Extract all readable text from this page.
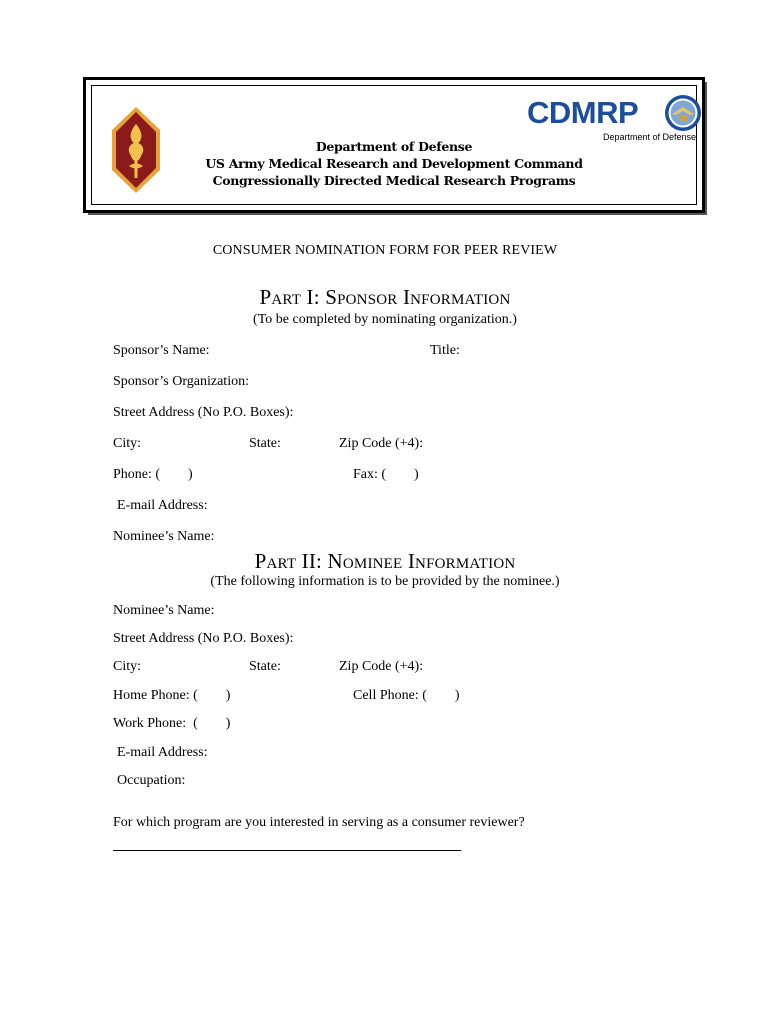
CDMRP
Department of Defense
Department of Defense
US Army Medical Research and Development Command
Congressionally Directed Medical Research Programs
CONSUMER NOMINATION FORM FOR PEER REVIEW
Part I: Sponsor Information
(To be completed by nominating organization.)
Sponsor’s Name:	Title:
Sponsor’s Organization:
Street Address (No P.O. Boxes):
City:	State:	Zip Code (+4):
Phone: (        )	Fax: (        )
E-mail Address:
Nominee’s Name:
Part II: Nominee Information
(The following information is to be provided by the nominee.)
Nominee’s Name:
Street Address (No P.O. Boxes):
City:	State:	Zip Code (+4):
Home Phone: (        )	Cell Phone: (        )
Work Phone:  (        )
E-mail Address:
Occupation:
For which program are you interested in serving as a consumer reviewer?
